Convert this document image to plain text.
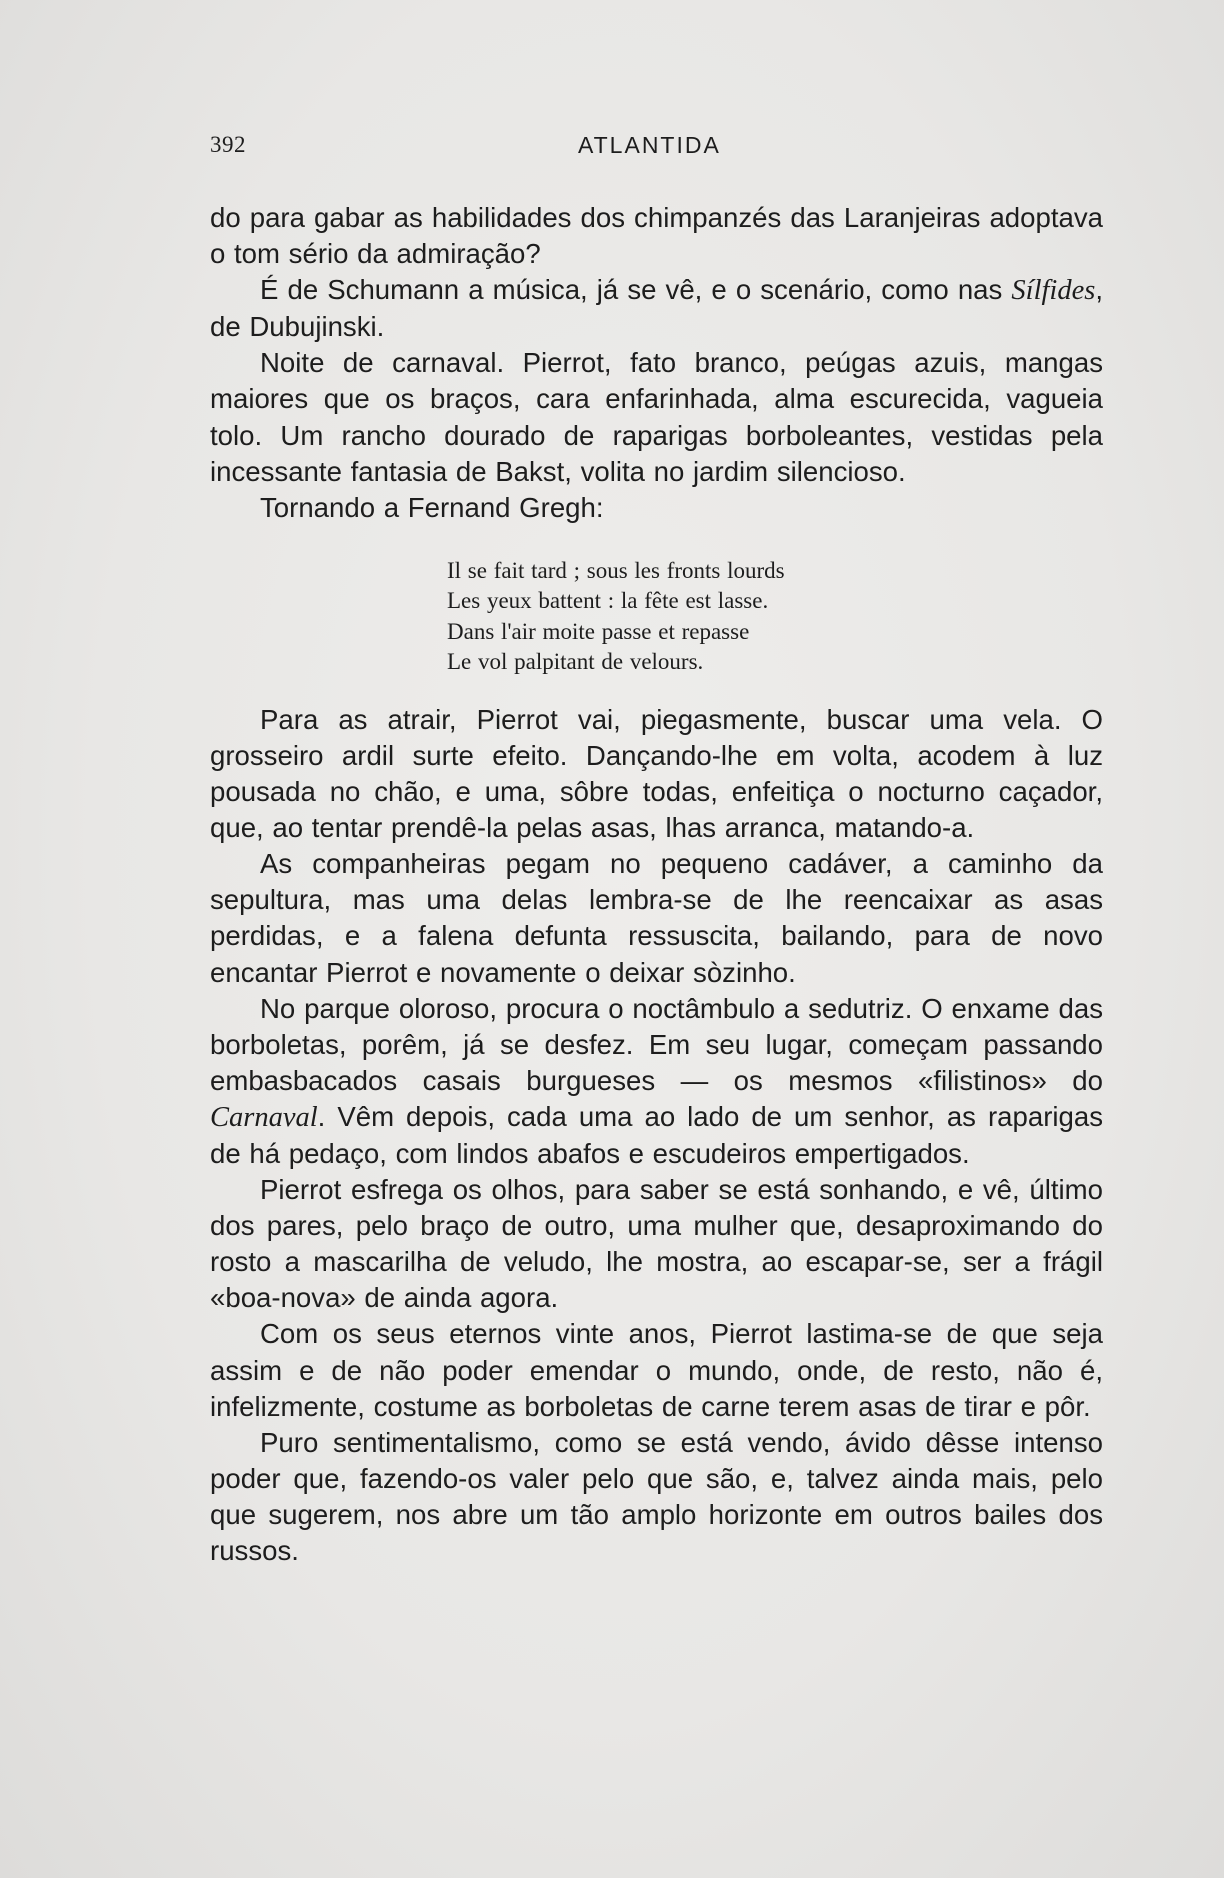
392	ATLANTIDA

do para gabar as habilidades dos chimpanzés das Laranjeiras adoptava o tom sério da admiração?

É de Schumann a música, já se vê, e o scenário, como nas Sílfides, de Dubujinski.

Noite de carnaval. Pierrot, fato branco, peúgas azuis, mangas maiores que os braços, cara enfarinhada, alma escurecida, vagueia tolo. Um rancho dourado de raparigas borboleantes, vestidas pela incessante fantasia de Bakst, volita no jardim silencioso.

Tornando a Fernand Gregh:

Il se fait tard ; sous les fronts lourds
Les yeux battent : la fête est lasse.
Dans l'air moite passe et repasse
Le vol palpitant de velours.

Para as atrair, Pierrot vai, piegasmente, buscar uma vela. O grosseiro ardil surte efeito. Dançando-lhe em volta, acodem à luz pousada no chão, e uma, sôbre todas, enfeitiça o nocturno caçador, que, ao tentar prendê-la pelas asas, lhas arranca, matando-a.

As companheiras pegam no pequeno cadáver, a caminho da sepultura, mas uma delas lembra-se de lhe reencaixar as asas perdidas, e a falena defunta ressuscita, bailando, para de novo encantar Pierrot e novamente o deixar sòzinho.

No parque oloroso, procura o noctâmbulo a sedutriz. O enxame das borboletas, porêm, já se desfez. Em seu lugar, começam passando embasbacados casais burgueses — os mesmos «filistinos» do Carnaval. Vêm depois, cada uma ao lado de um senhor, as raparigas de há pedaço, com lindos abafos e escudeiros empertigados.

Pierrot esfrega os olhos, para saber se está sonhando, e vê, último dos pares, pelo braço de outro, uma mulher que, desaproximando do rosto a mascarilha de veludo, lhe mostra, ao escapar-se, ser a frágil «boa-nova» de ainda agora.

Com os seus eternos vinte anos, Pierrot lastima-se de que seja assim e de não poder emendar o mundo, onde, de resto, não é, infelizmente, costume as borboletas de carne terem asas de tirar e pôr.

Puro sentimentalismo, como se está vendo, ávido dêsse intenso poder que, fazendo-os valer pelo que são, e, talvez ainda mais, pelo que sugerem, nos abre um tão amplo horizonte em outros bailes dos russos.
